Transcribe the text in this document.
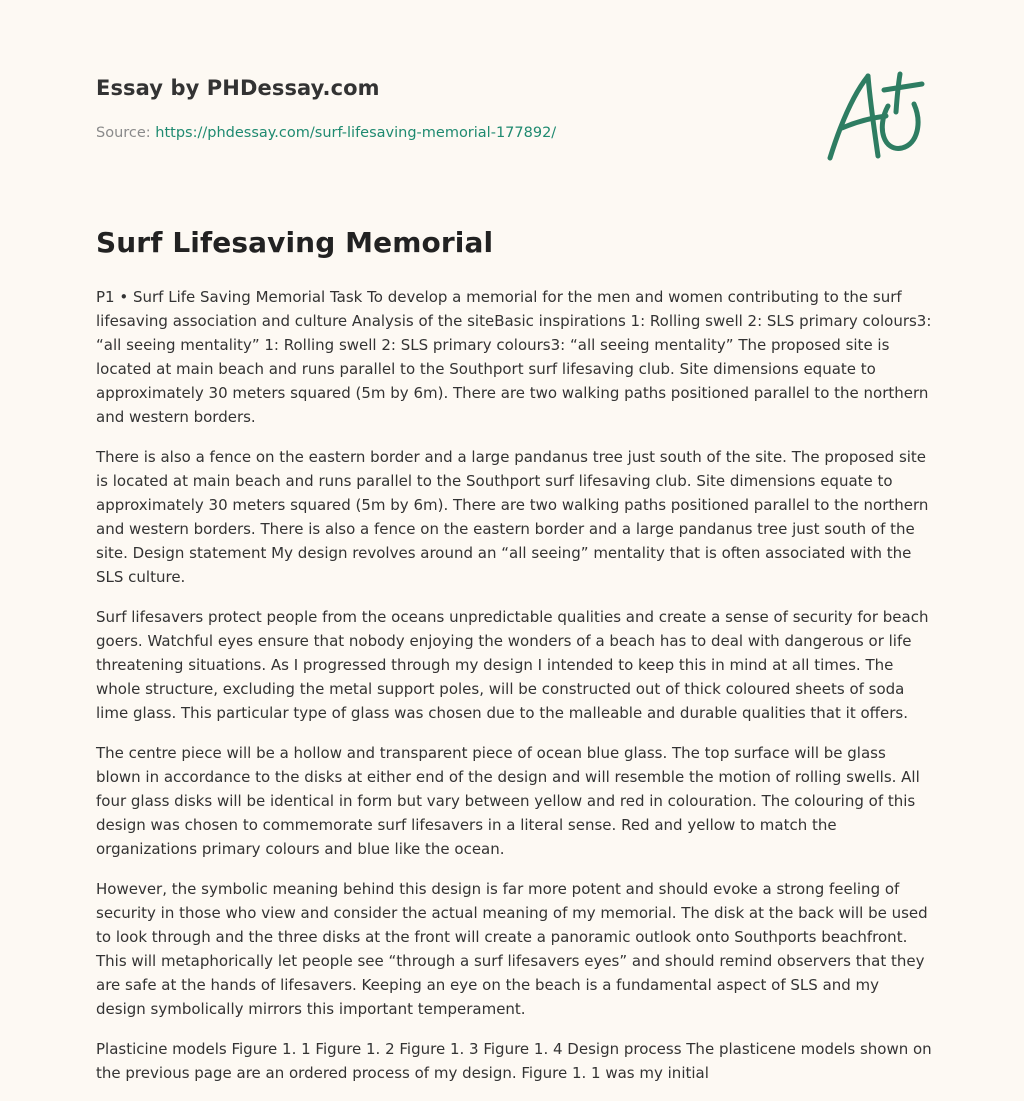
Essay by PHDessay.com

Source: https://phdessay.com/surf-lifesaving-memorial-177892/

Surf Lifesaving Memorial

P1 • Surf Life Saving Memorial Task To develop a memorial for the men and women contributing to the surf lifesaving association and culture Analysis of the siteBasic inspirations 1: Rolling swell 2: SLS primary colours3: “all seeing mentality” 1: Rolling swell 2: SLS primary colours3: “all seeing mentality” The proposed site is located at main beach and runs parallel to the Southport surf lifesaving club. Site dimensions equate to approximately 30 meters squared (5m by 6m). There are two walking paths positioned parallel to the northern and western borders.

There is also a fence on the eastern border and a large pandanus tree just south of the site. The proposed site is located at main beach and runs parallel to the Southport surf lifesaving club. Site dimensions equate to approximately 30 meters squared (5m by 6m). There are two walking paths positioned parallel to the northern and western borders. There is also a fence on the eastern border and a large pandanus tree just south of the site. Design statement My design revolves around an “all seeing” mentality that is often associated with the SLS culture.

Surf lifesavers protect people from the oceans unpredictable qualities and create a sense of security for beach goers. Watchful eyes ensure that nobody enjoying the wonders of a beach has to deal with dangerous or life threatening situations. As I progressed through my design I intended to keep this in mind at all times. The whole structure, excluding the metal support poles, will be constructed out of thick coloured sheets of soda lime glass. This particular type of glass was chosen due to the malleable and durable qualities that it offers.

The centre piece will be a hollow and transparent piece of ocean blue glass. The top surface will be glass blown in accordance to the disks at either end of the design and will resemble the motion of rolling swells. All four glass disks will be identical in form but vary between yellow and red in colouration. The colouring of this design was chosen to commemorate surf lifesavers in a literal sense. Red and yellow to match the organizations primary colours and blue like the ocean.

However, the symbolic meaning behind this design is far more potent and should evoke a strong feeling of security in those who view and consider the actual meaning of my memorial. The disk at the back will be used to look through and the three disks at the front will create a panoramic outlook onto Southports beachfront. This will metaphorically let people see “through a surf lifesavers eyes” and should remind observers that they are safe at the hands of lifesavers. Keeping an eye on the beach is a fundamental aspect of SLS and my design symbolically mirrors this important temperament.

Plasticine models Figure 1. 1 Figure 1. 2 Figure 1. 3 Figure 1. 4 Design process The plasticene models shown on the previous page are an ordered process of my design. Figure 1. 1 was my initial
